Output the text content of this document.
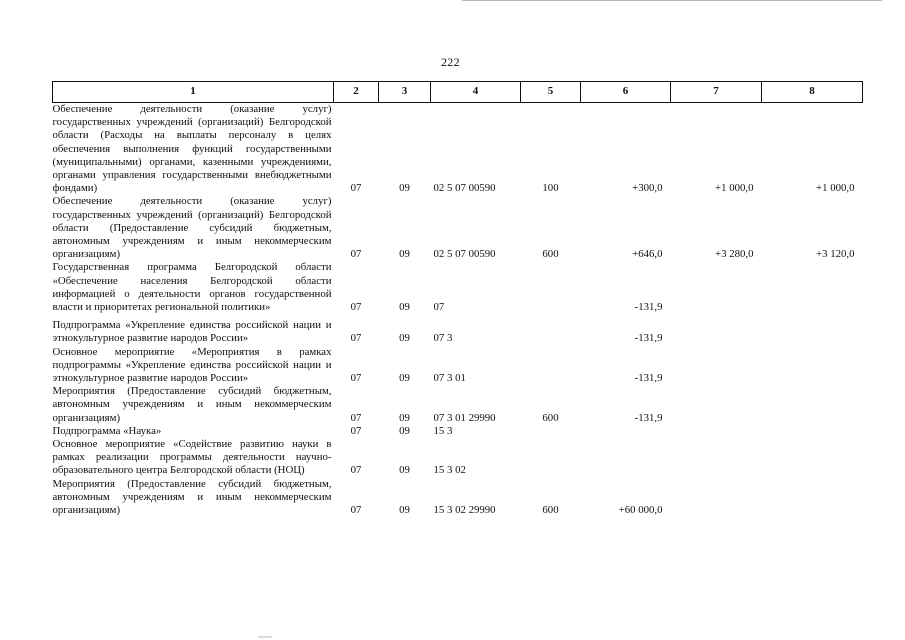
222
1	2	3	4	5	6	7	8
Обеспечение деятельности (оказание услуг) государственных учреждений (организаций) Белгородской области (Расходы на выплаты персоналу в целях обеспечения выполнения функций государственными (муниципальными) органами, казенными учреждениями, органами управления государственными внебюджетными фондами)	07	09	02 5 07 00590	100	+300,0	+1 000,0	+1 000,0
Обеспечение деятельности (оказание услуг) государственных учреждений (организаций) Белгородской области (Предоставление субсидий бюджетным, автономным учреждениям и иным некоммерческим организациям)	07	09	02 5 07 00590	600	+646,0	+3 280,0	+3 120,0
Государственная программа Белгородской области «Обеспечение населения Белгородской области информацией о деятельности органов государственной власти и приоритетах региональной политики»	07	09	07		-131,9		
Подпрограмма «Укрепление единства российской нации и этнокультурное развитие народов России»	07	09	07 3		-131,9		
Основное мероприятие «Мероприятия в рамках подпрограммы «Укрепление единства российской нации и этнокультурное развитие народов России»	07	09	07 3 01		-131,9		
Мероприятия (Предоставление субсидий бюджетным, автономным учреждениям и иным некоммерческим организациям)	07	09	07 3 01 29990	600	-131,9		
Подпрограмма «Наука»	07	09	15 3				
Основное мероприятие «Содействие развитию науки в рамках реализации программы деятельности научно-образовательного центра Белгородской области (НОЦ)	07	09	15 3 02				
Мероприятия (Предоставление субсидий бюджетным, автономным учреждениям и иным некоммерческим организациям)	07	09	15 3 02 29990	600	+60 000,0		
